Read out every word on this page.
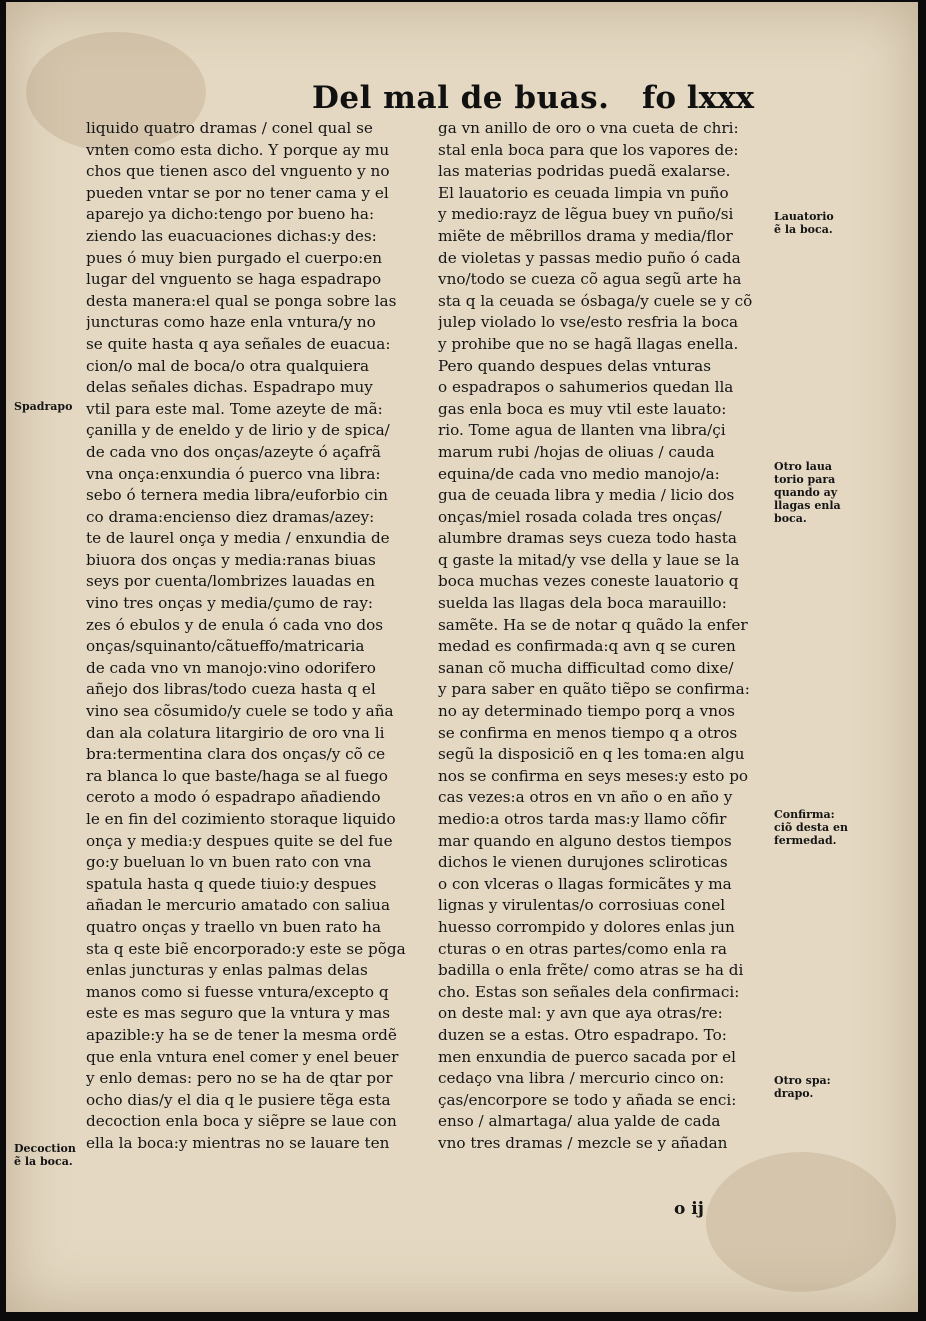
Del mal de buas. fo lxxx
liquido quatro dramas / conel qual se
vnten como esta dicho. Y porque ay mu
chos que tienen asco del vnguento y no
pueden vntar se por no tener cama y el
aparejo ya dicho:tengo por bueno ha:
ziendo las euacuaciones dichas:y des:
pues ó muy bien purgado el cuerpo:en
lugar del vnguento se haga espadrapo
desta manera:el qual se ponga sobre las
juncturas como haze enla vntura/y no
se quite hasta q aya señales de euacua:
cion/o mal de boca/o otra qualquiera
delas señales dichas. Espadrapo muy
vtil para este mal. Tome azeyte de mã:
çanilla y de eneldo y de lirio y de spica/
de cada vno dos onças/azeyte ó açafrã
vna onça:enxundia ó puerco vna libra:
sebo ó ternera media libra/euforbio cin
co drama:encienso diez dramas/azey:
te de laurel onça y media / enxundia de
biuora dos onças y media:ranas biuas
seys por cuenta/lombrizes lauadas en
vino tres onças y media/çumo de ray:
zes ó ebulos y de enula ó cada vno dos
onças/squinanto/cãtueffo/matricaria
de cada vno vn manojo:vino odorifero
añejo dos libras/todo cueza hasta q el
vino sea cõsumido/y cuele se todo y aña
dan ala colatura litargirio de oro vna li
bra:termentina clara dos onças/y cõ ce
ra blanca lo que baste/haga se al fuego
ceroto a modo ó espadrapo añadiendo
le en fin del cozimiento storaque liquido
onça y media:y despues quite se del fue
go:y bueluan lo vn buen rato con vna
spatula hasta q quede tiuio:y despues
añadan le mercurio amatado con saliua
quatro onças y traello vn buen rato ha
sta q este biẽ encorporado:y este se põga
enlas juncturas y enlas palmas delas
manos como si fuesse vntura/excepto q
este es mas seguro que la vntura y mas
apazible:y ha se de tener la mesma ordẽ
que enla vntura enel comer y enel beuer
y enlo demas: pero no se ha de qtar por
ocho dias/y el dia q le pusiere tẽga esta
decoction enla boca y siẽpre se laue con
ella la boca:y mientras no se lauare ten
ga vn anillo de oro o vna cueta de chri:
stal enla boca para que los vapores de:
las materias podridas puedã exalarse.
El lauatorio es ceuada limpia vn puño
y medio:rayz de lẽgua buey vn puño/si
miẽte de mẽbrillos drama y media/flor
de violetas y passas medio puño ó cada
vno/todo se cueza cõ agua segũ arte ha
sta q la ceuada se ósbaga/y cuele se y cõ
julep violado lo vse/esto resfria la boca
y prohibe que no se hagã llagas enella.
Pero quando despues delas vnturas
o espadrapos o sahumerios quedan lla
gas enla boca es muy vtil este lauato:
rio. Tome agua de llanten vna libra/çi
marum rubi /hojas de oliuas / cauda
equina/de cada vno medio manojo/a:
gua de ceuada libra y media / licio dos
onças/miel rosada colada tres onças/
alumbre dramas seys cueza todo hasta
q gaste la mitad/y vse della y laue se la
boca muchas vezes coneste lauatorio q
suelda las llagas dela boca marauillo:
samẽte. Ha se de notar q quãdo la enfer
medad es confirmada:q avn q se curen
sanan cõ mucha difficultad como dixe/
y para saber en quãto tiẽpo se confirma:
no ay determinado tiempo porq a vnos
se confirma en menos tiempo q a otros
segũ la disposiciõ en q les toma:en algu
nos se confirma en seys meses:y esto po
cas vezes:a otros en vn año o en año y
medio:a otros tarda mas:y llamo cõfir
mar quando en alguno destos tiempos
dichos le vienen durujones scliroticas
o con vlceras o llagas formicãtes y ma
lignas y virulentas/o corrosiuas conel
huesso corrompido y dolores enlas jun
cturas o en otras partes/como enla ra
badilla o enla frẽte/ como atras se ha di
cho. Estas son señales dela confirmaci:
on deste mal: y avn que aya otras/re:
duzen se a estas. Otro espadrapo. To:
men enxundia de puerco sacada por el
cedaço vna libra / mercurio cinco on:
ças/encorpore se todo y añada se enci:
enso / almartaga/ alua yalde de cada
vno tres dramas / mezcle se y añadan
o ij
Spadrapo
Decoction
ẽ la boca.
Lauatorio
ẽ la boca.
Otro laua
torio para
quando ay
llagas enla
boca.
Confirma:
ciõ desta en
fermedad.
Otro spa:
drapo.
